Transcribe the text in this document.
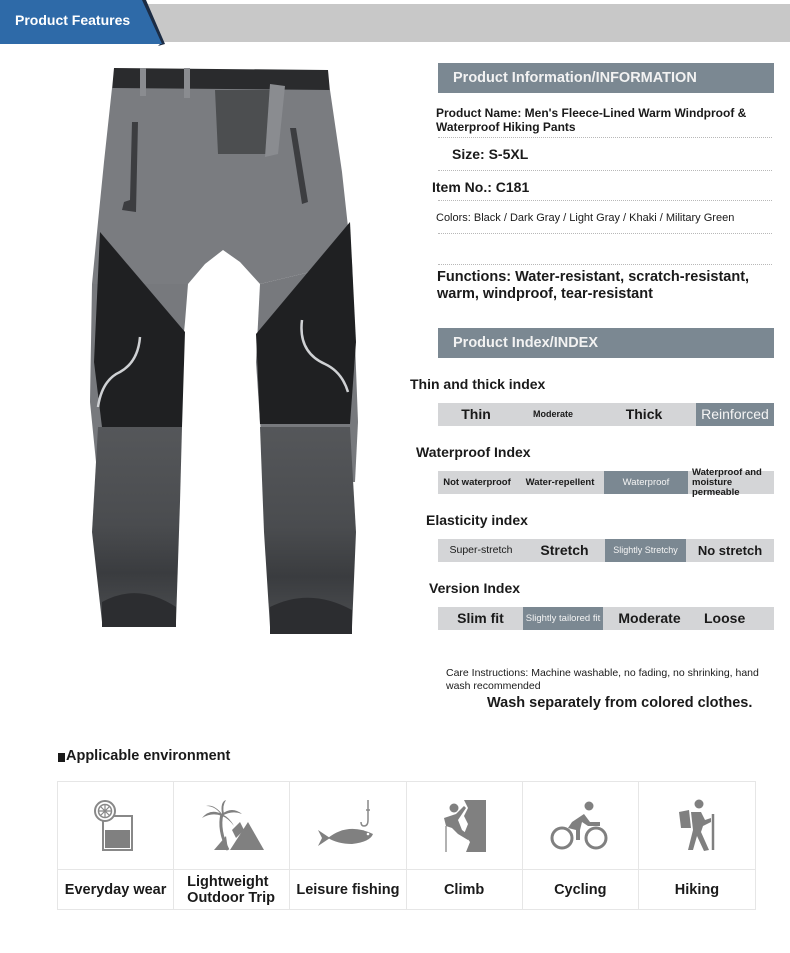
Product Features
Product Information/INFORMATION
Product Name: Men's Fleece-Lined Warm Windproof & Waterproof Hiking Pants
Size: S-5XL
Item No.: C181
Colors: Black / Dark Gray / Light Gray / Khaki / Military Green
Functions: Water-resistant, scratch-resistant, warm, windproof, tear-resistant
Product Index/INDEX
Thin and thick index
Thin	Moderate	Thick	Reinforced
Waterproof Index
Not waterproof	Water-repellent	Waterproof
Waterproof and moisture permeable
Elasticity index
Super-stretch	Stretch	Slightly Stretchy	No stretch
Version Index
Slim fit	Slightly tailored fit	Moderate	Loose
Care Instructions: Machine washable, no fading, no shrinking, hand wash recommended
Wash separately from colored clothes.
Applicable environment
Everyday wear	Lightweight Outdoor Trip	Leisure fishing	Climb	Cycling	Hiking
